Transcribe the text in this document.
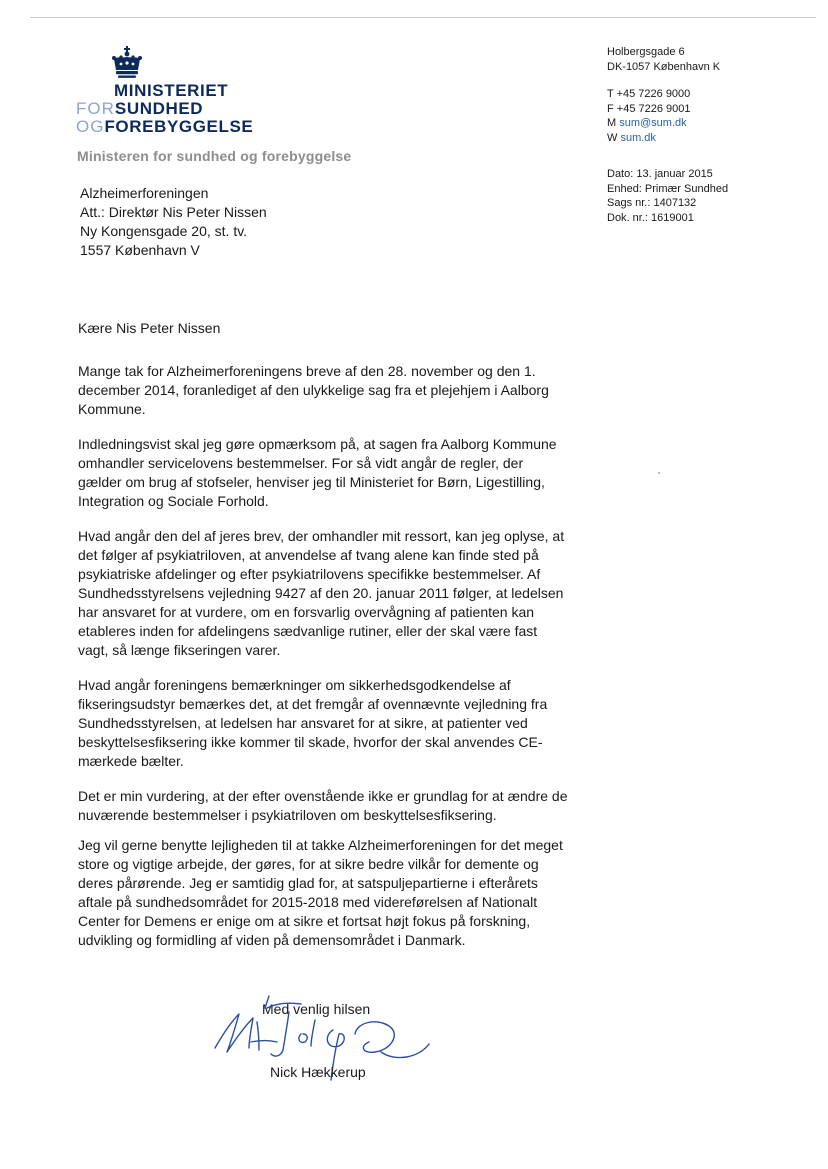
MINISTERIET
FORSUNDHED
OGFOREBYGGELSE
Ministeren for sundhed og forebyggelse
Holbergsgade 6
DK-1057 København K
T +45 7226 9000
F +45 7226 9001
M sum@sum.dk
W sum.dk
Dato: 13. januar 2015
Enhed: Primær Sundhed
Sags nr.: 1407132
Dok. nr.: 1619001
Alzheimerforeningen
Att.: Direktør Nis Peter Nissen
Ny Kongensgade 20, st. tv.
1557 København V
Kære Nis Peter Nissen

Mange tak for Alzheimerforeningens breve af den 28. november og den 1. december 2014, foranlediget af den ulykkelige sag fra et plejehjem i Aalborg Kommune.

Indledningsvist skal jeg gøre opmærksom på, at sagen fra Aalborg Kommune omhandler servicelovens bestemmelser. For så vidt angår de regler, der gælder om brug af stofseler, henviser jeg til Ministeriet for Børn, Ligestilling, Integration og Sociale Forhold.

Hvad angår den del af jeres brev, der omhandler mit ressort, kan jeg oplyse, at det følger af psykiatriloven, at anvendelse af tvang alene kan finde sted på psykiatriske afdelinger og efter psykiatrilovens specifikke bestemmelser. Af Sundhedsstyrelsens vejledning 9427 af den 20. januar 2011 følger, at ledelsen har ansvaret for at vurdere, om en forsvarlig overvågning af patienten kan etableres inden for afdelingens sædvanlige rutiner, eller der skal være fast vagt, så længe fikseringen varer.

Hvad angår foreningens bemærkninger om sikkerhedsgodkendelse af fikseringsudstyr bemærkes det, at det fremgår af ovennævnte vejledning fra Sundhedsstyrelsen, at ledelsen har ansvaret for at sikre, at patienter ved beskyttelsesfiksering ikke kommer til skade, hvorfor der skal anvendes CE-mærkede bælter.

Det er min vurdering, at der efter ovenstående ikke er grundlag for at ændre de nuværende bestemmelser i psykiatriloven om beskyttelsesfiksering.

Jeg vil gerne benytte lejligheden til at takke Alzheimerforeningen for det meget store og vigtige arbejde, der gøres, for at sikre bedre vilkår for demente og deres pårørende. Jeg er samtidig glad for, at satspuljepartierne i efterårets aftale på sundhedsområdet for 2015-2018 med videreførelsen af Nationalt Center for Demens er enige om at sikre et fortsat højt fokus på forskning, udvikling og formidling af viden på demensområdet i Danmark.

Med venlig hilsen
Nick Hækkerup
